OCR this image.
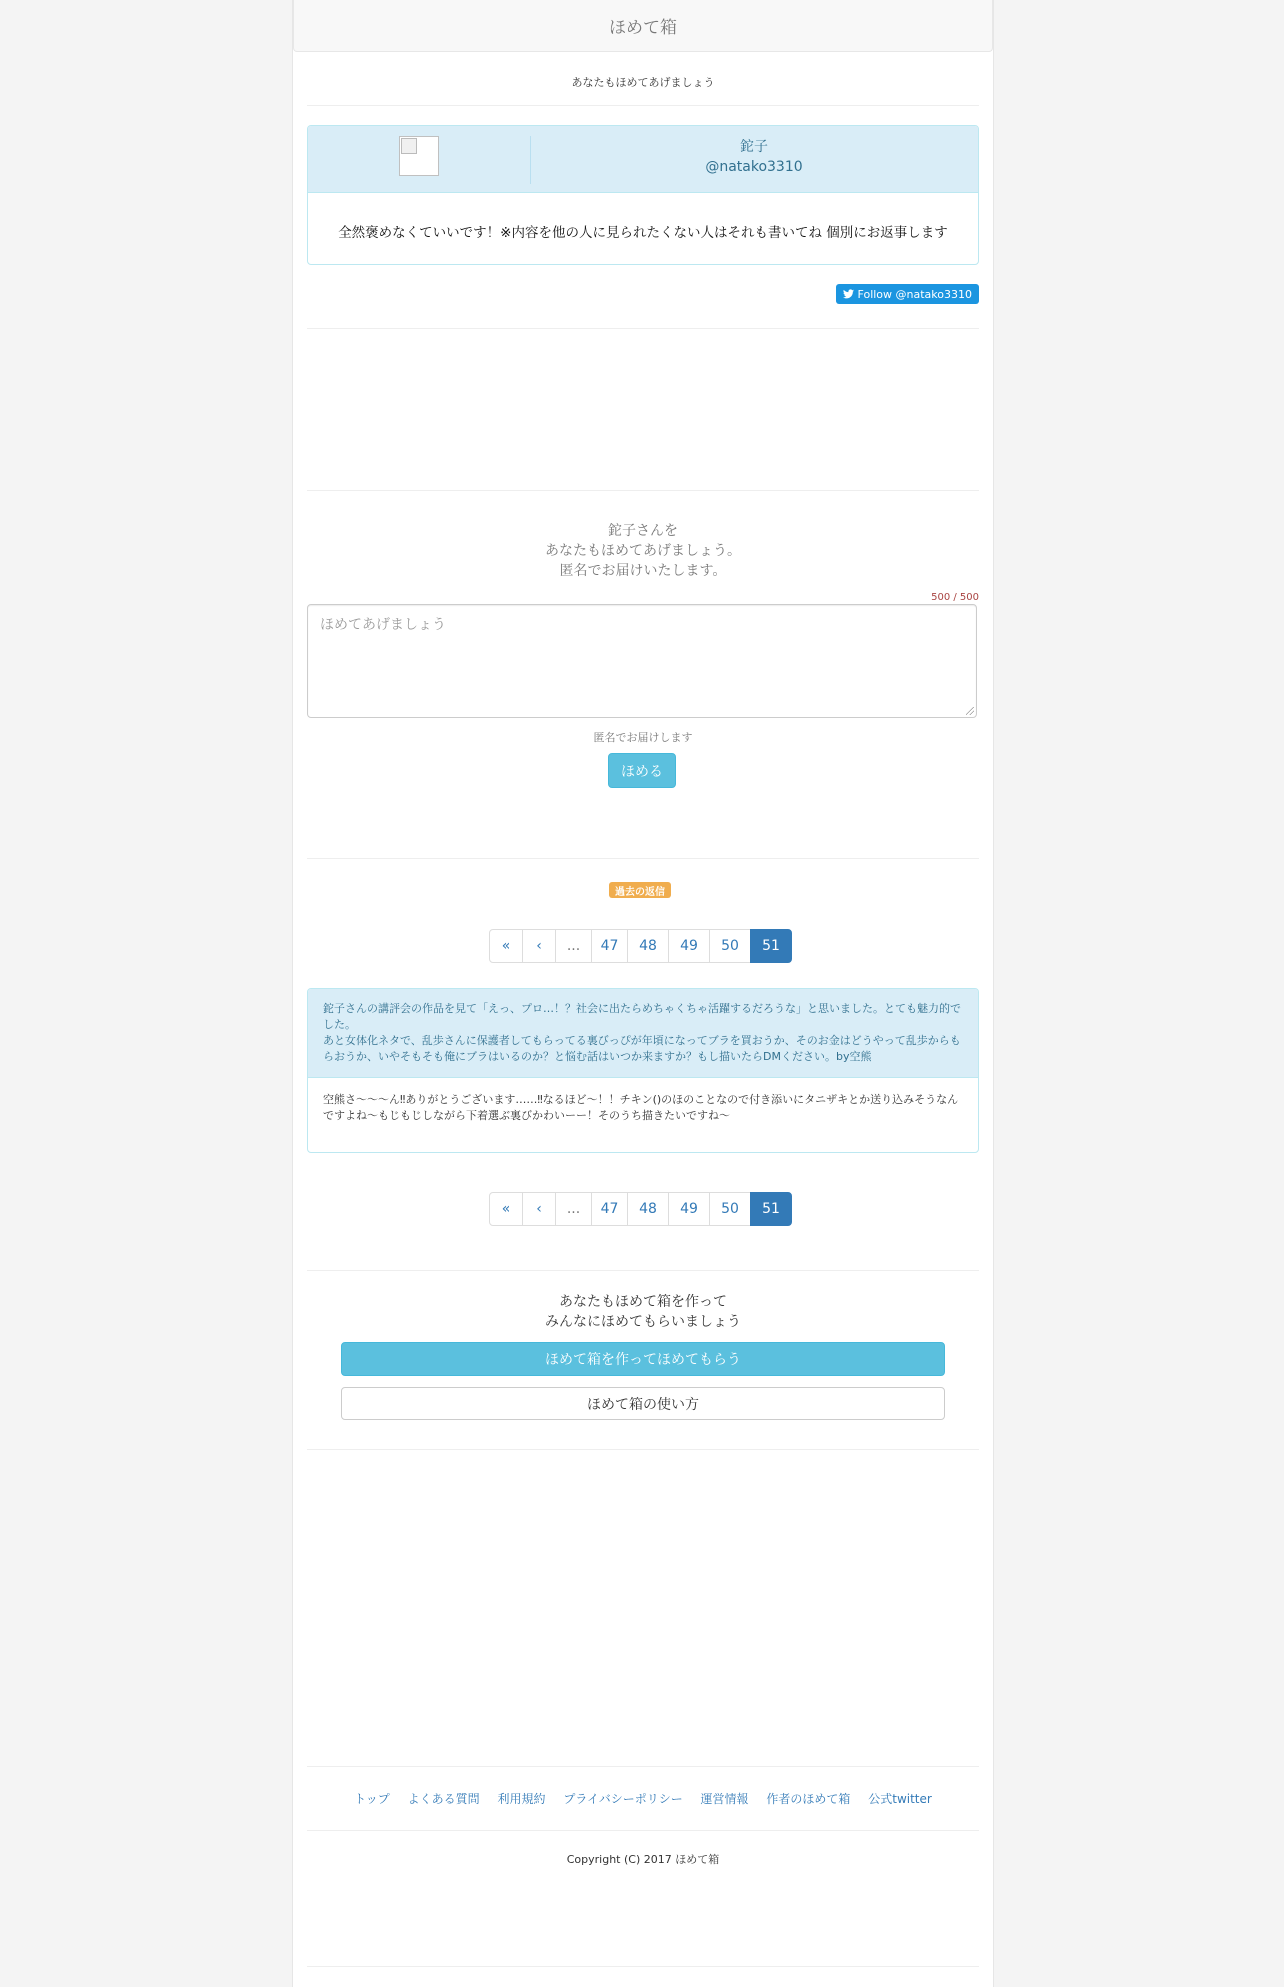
ほめて箱
あなたもほめてあげましょう
鉈子
@natako3310
全然褒めなくていいです！※内容を他の人に見られたくない人はそれも書いてね 個別にお返事します
Follow @natako3310
鉈子さんを
あなたもほめてあげましょう。
匿名でお届けいたします。
500 / 500
ほめてあげましょう
匿名でお届けします
ほめる
過去の返信
«	‹	...	47	48	49	50	51
鉈子さんの講評会の作品を見て「えっ、プロ…！？社会に出たらめちゃくちゃ活躍するだろうな」と思いました。とても魅力的でした。
あと女体化ネタで、乱歩さんに保護者してもらってる裏びっぴが年頃になってブラを買おうか、そのお金はどうやって乱歩からもらおうか、いやそもそも俺にブラはいるのか？と悩む話はいつか来ますか？もし描いたらDMください。by空熊
空熊さ～～～ん‼ありがとうございます……‼なるほど～！！チキン()のほのことなので付き添いにタニザキとか送り込みそうなんですよね～もじもじしながら下着選ぶ裏びかわいーー！そのうち描きたいですね～
«	‹	...	47	48	49	50	51
あなたもほめて箱を作って
みんなにほめてもらいましょう
ほめて箱を作ってほめてもらう
ほめて箱の使い方
トップ よくある質問 利用規約 プライバシーポリシー 運営情報 作者のほめて箱 公式twitter
Copyright (C) 2017 ほめて箱
